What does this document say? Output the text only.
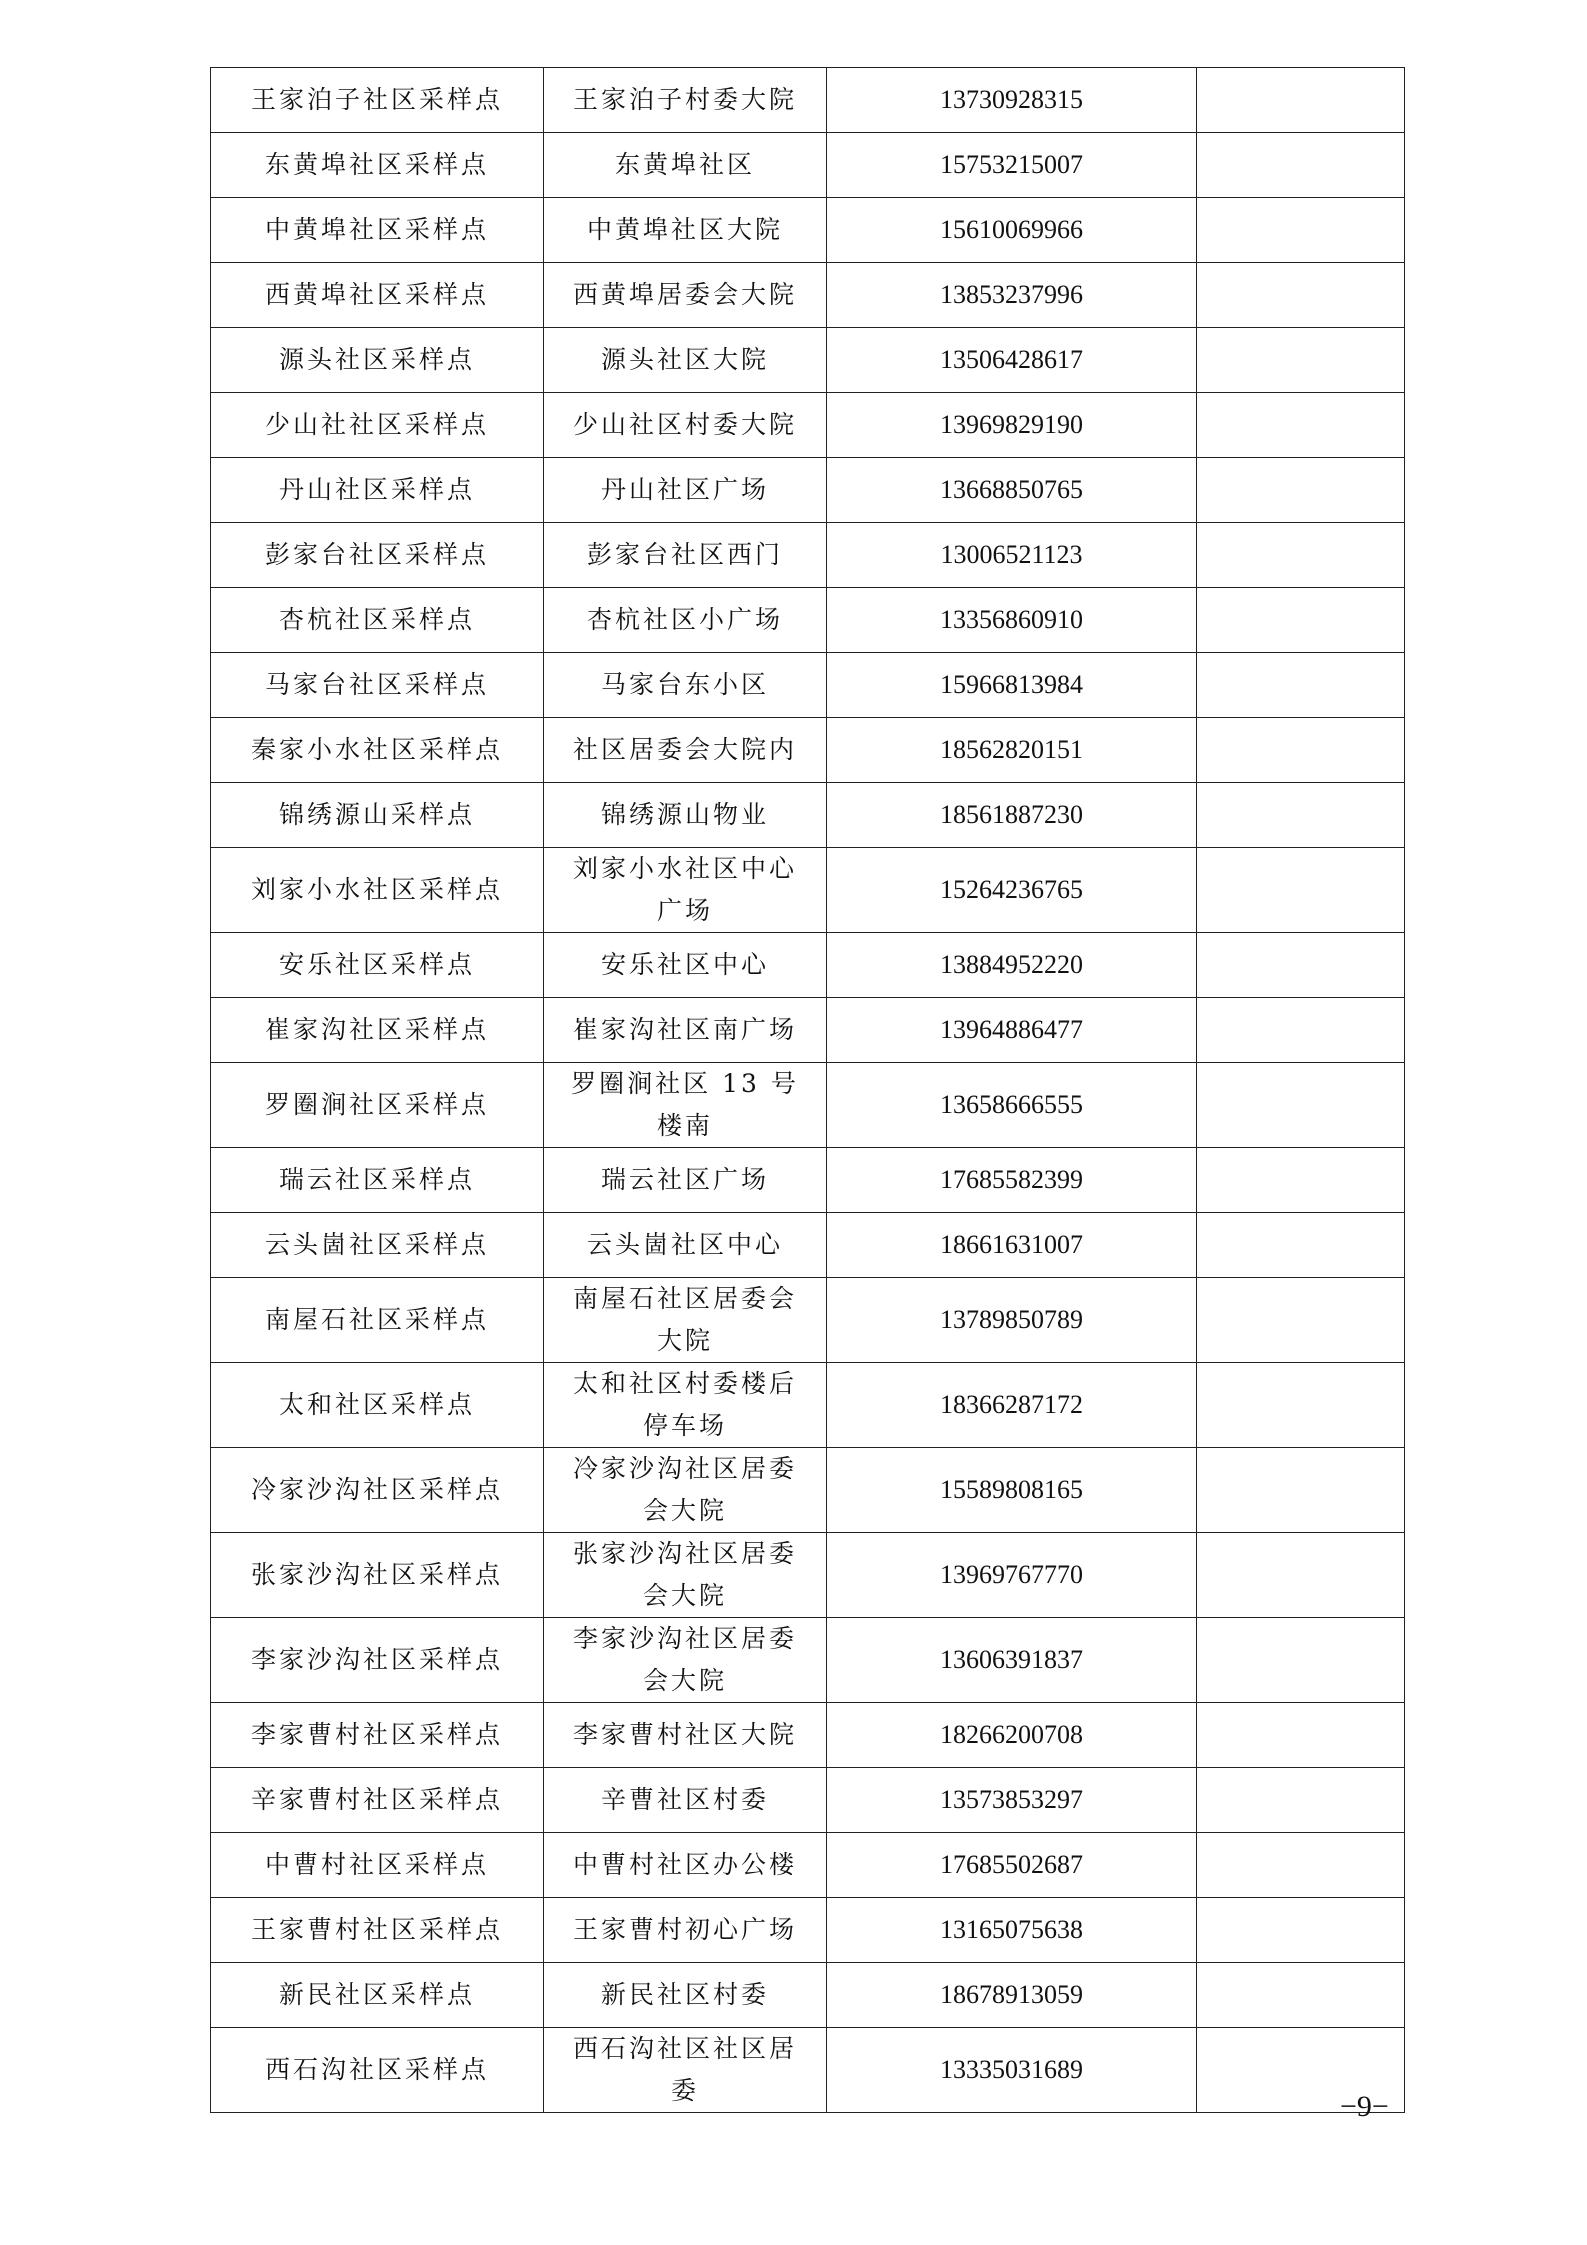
王家泊子社区采样点	王家泊子村委大院	13730928315	
东黄埠社区采样点	东黄埠社区	15753215007	
中黄埠社区采样点	中黄埠社区大院	15610069966	
西黄埠社区采样点	西黄埠居委会大院	13853237996	
源头社区采样点	源头社区大院	13506428617	
少山社社区采样点	少山社区村委大院	13969829190	
丹山社区采样点	丹山社区广场	13668850765	
彭家台社区采样点	彭家台社区西门	13006521123	
杏杭社区采样点	杏杭社区小广场	13356860910	
马家台社区采样点	马家台东小区	15966813984	
秦家小水社区采样点	社区居委会大院内	18562820151	
锦绣源山采样点	锦绣源山物业	18561887230	
刘家小水社区采样点	刘家小水社区中心广场	15264236765	
安乐社区采样点	安乐社区中心	13884952220	
崔家沟社区采样点	崔家沟社区南广场	13964886477	
罗圈涧社区采样点	罗圈涧社区 13 号楼南	13658666555	
瑞云社区采样点	瑞云社区广场	17685582399	
云头崮社区采样点	云头崮社区中心	18661631007	
南屋石社区采样点	南屋石社区居委会大院	13789850789	
太和社区采样点	太和社区村委楼后停车场	18366287172	
冷家沙沟社区采样点	冷家沙沟社区居委会大院	15589808165	
张家沙沟社区采样点	张家沙沟社区居委会大院	13969767770	
李家沙沟社区采样点	李家沙沟社区居委会大院	13606391837	
李家曹村社区采样点	李家曹村社区大院	18266200708	
辛家曹村社区采样点	辛曹社区村委	13573853297	
中曹村社区采样点	中曹村社区办公楼	17685502687	
王家曹村社区采样点	王家曹村初心广场	13165075638	
新民社区采样点	新民社区村委	18678913059	
西石沟社区采样点	西石沟社区社区居委	13335031689	
−9−
